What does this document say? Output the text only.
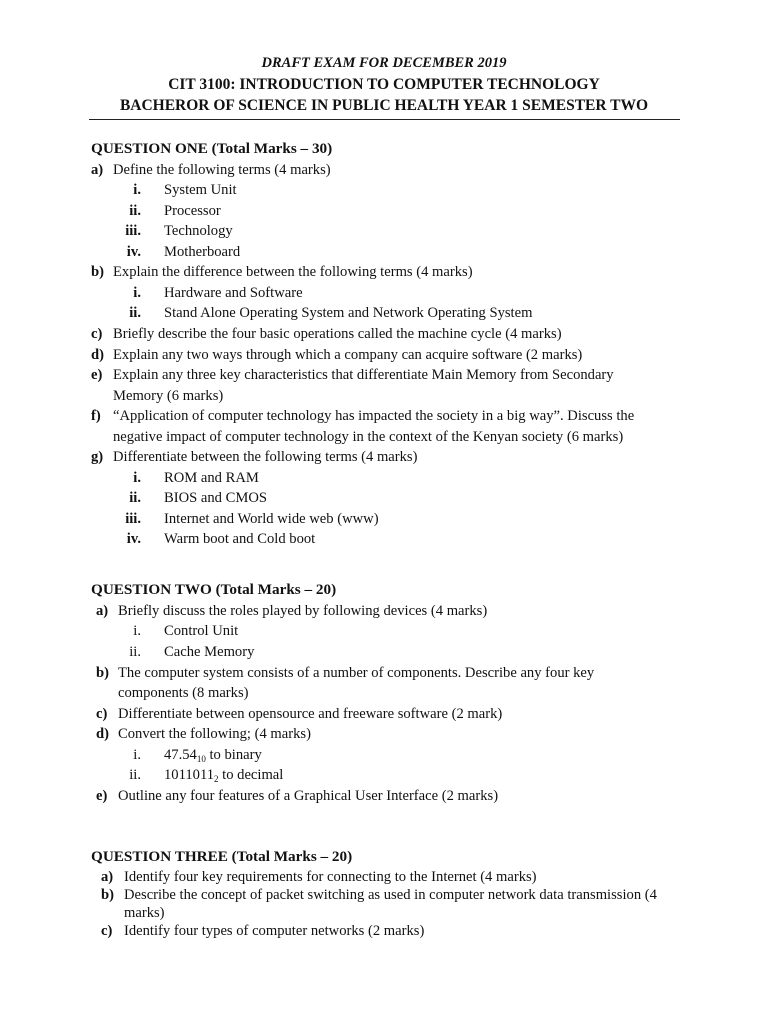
DRAFT EXAM FOR DECEMBER 2019
CIT 3100: INTRODUCTION TO COMPUTER TECHNOLOGY
BACHEROR OF SCIENCE IN PUBLIC HEALTH YEAR 1 SEMESTER TWO
QUESTION ONE (Total Marks – 30)
a) Define the following terms (4 marks)
i. System Unit
ii. Processor
iii. Technology
iv. Motherboard
b) Explain the difference between the following terms (4 marks)
i. Hardware and Software
ii. Stand Alone Operating System and Network Operating System
c) Briefly describe the four basic operations called the machine cycle (4 marks)
d) Explain any two ways through which a company can acquire software (2 marks)
e) Explain any three key characteristics that differentiate Main Memory from Secondary
Memory (6 marks)
f) “Application of computer technology has impacted the society in a big way”. Discuss the
negative impact of computer technology in the context of the Kenyan society (6 marks)
g) Differentiate between the following terms (4 marks)
i. ROM and RAM
ii. BIOS and CMOS
iii. Internet and World wide web (www)
iv. Warm boot and Cold boot
QUESTION TWO (Total Marks – 20)
a) Briefly discuss the roles played by following devices (4 marks)
i. Control Unit
ii. Cache Memory
b) The computer system consists of a number of components. Describe any four key
components (8 marks)
c) Differentiate between opensource and freeware software (2 mark)
d) Convert the following; (4 marks)
i. $47.54_{10}$ to binary
ii. $1011011_2$ to decimal
e) Outline any four features of a Graphical User Interface (2 marks)
QUESTION THREE (Total Marks – 20)
a) Identify four key requirements for connecting to the Internet (4 marks)
b) Describe the concept of packet switching as used in computer network data transmission (4
marks)
c) Identify four types of computer networks (2 marks)
